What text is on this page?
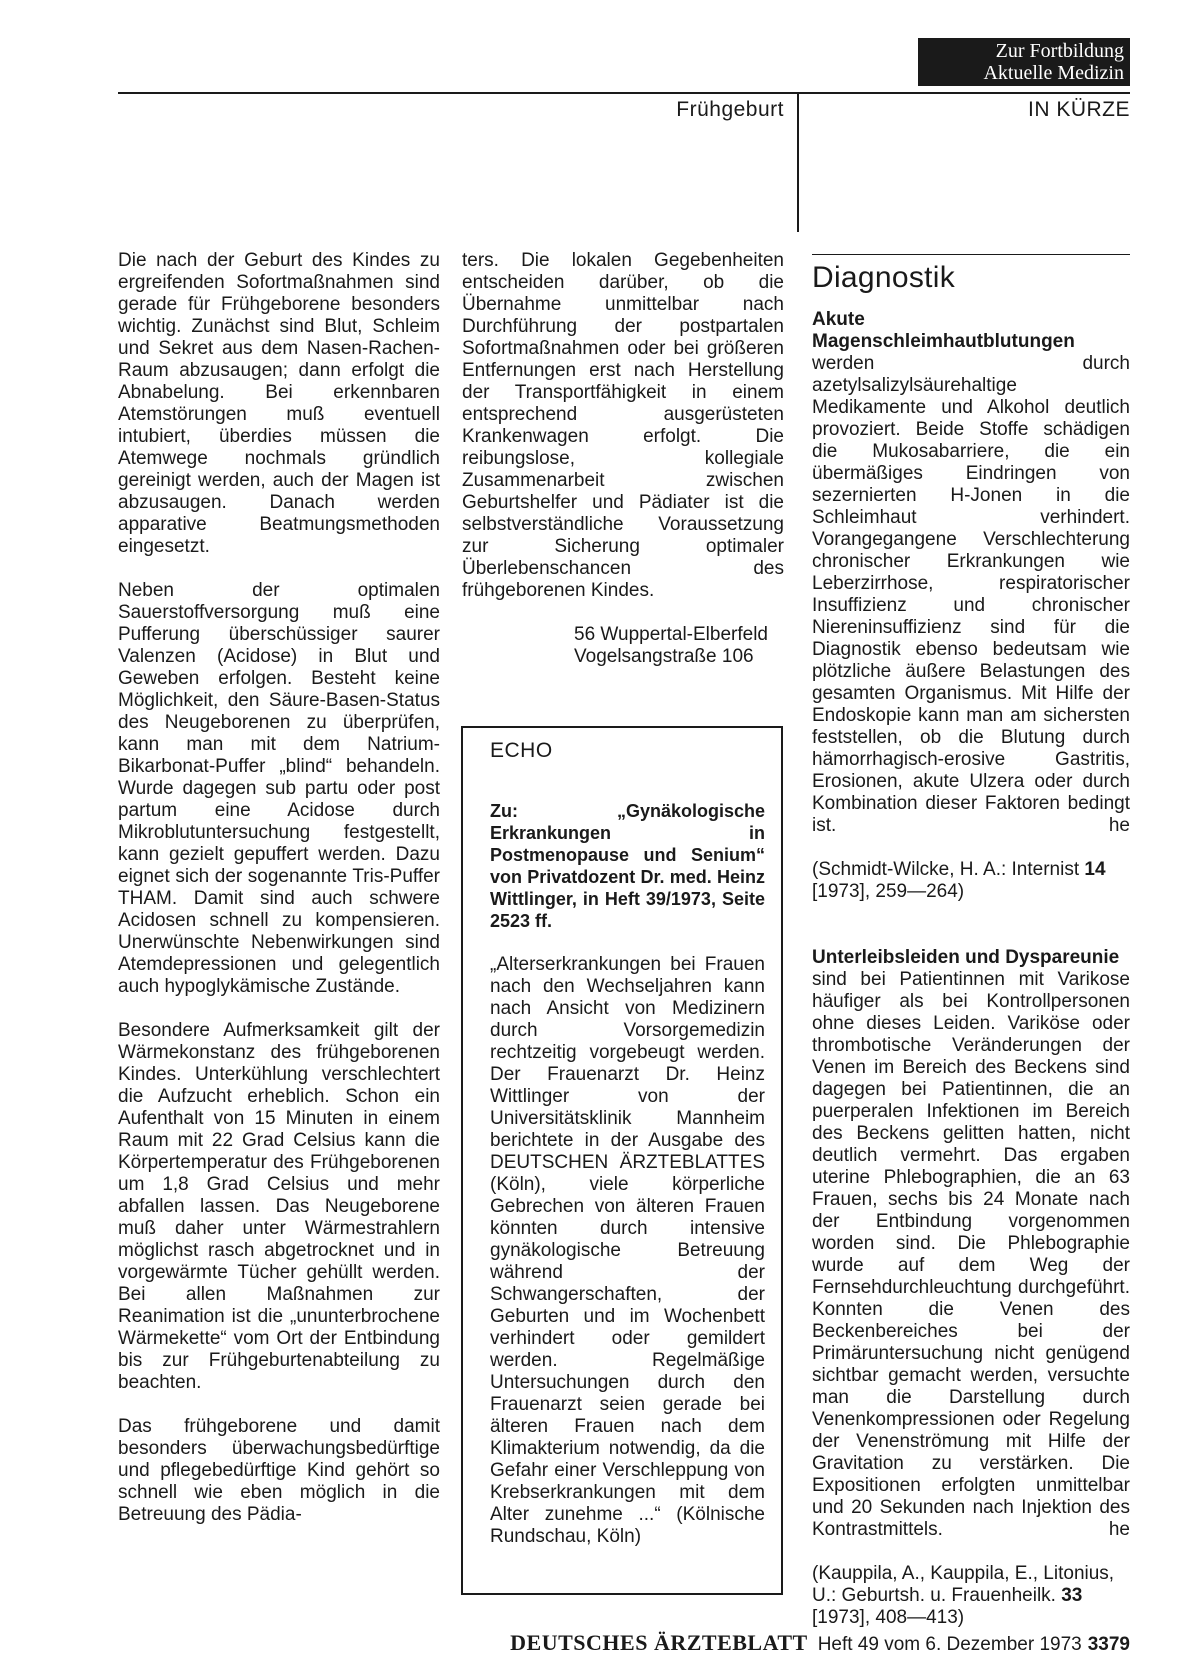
Zur Fortbildung
Aktuelle Medizin
Frühgeburt	IN KÜRZE

Die nach der Geburt des Kindes zu ergreifenden Sofortmaßnahmen sind gerade für Frühgeborene besonders wichtig. Zunächst sind Blut, Schleim und Sekret aus dem Nasen-Rachen-Raum abzusaugen; dann erfolgt die Abnabelung. Bei erkennbaren Atemstörungen muß eventuell intubiert, überdies müssen die Atemwege nochmals gründlich gereinigt werden, auch der Magen ist abzusaugen. Danach werden apparative Beatmungsmethoden eingesetzt.

Neben der optimalen Sauerstoffversorgung muß eine Pufferung überschüssiger saurer Valenzen (Acidose) in Blut und Geweben erfolgen. Besteht keine Möglichkeit, den Säure-Basen-Status des Neugeborenen zu überprüfen, kann man mit dem Natrium-Bikarbonat-Puffer „blind“ behandeln. Wurde dagegen sub partu oder post partum eine Acidose durch Mikroblutuntersuchung festgestellt, kann gezielt gepuffert werden. Dazu eignet sich der sogenannte Tris-Puffer THAM. Damit sind auch schwere Acidosen schnell zu kompensieren. Unerwünschte Nebenwirkungen sind Atemdepressionen und gelegentlich auch hypoglykämische Zustände.

Besondere Aufmerksamkeit gilt der Wärmekonstanz des frühgeborenen Kindes. Unterkühlung verschlechtert die Aufzucht erheblich. Schon ein Aufenthalt von 15 Minuten in einem Raum mit 22 Grad Celsius kann die Körpertemperatur des Frühgeborenen um 1,8 Grad Celsius und mehr abfallen lassen. Das Neugeborene muß daher unter Wärmestrahlern möglichst rasch abgetrocknet und in vorgewärmte Tücher gehüllt werden. Bei allen Maßnahmen zur Reanimation ist die „ununterbrochene Wärmekette“ vom Ort der Entbindung bis zur Frühgeburtenabteilung zu beachten.

Das frühgeborene und damit besonders überwachungsbedürftige und pflegebedürftige Kind gehört so schnell wie eben möglich in die Betreuung des Pädia-

ters. Die lokalen Gegebenheiten entscheiden darüber, ob die Übernahme unmittelbar nach Durchführung der postpartalen Sofortmaßnahmen oder bei größeren Entfernungen erst nach Herstellung der Transportfähigkeit in einem entsprechend ausgerüsteten Krankenwagen erfolgt. Die reibungslose, kollegiale Zusammenarbeit zwischen Geburtshelfer und Pädiater ist die selbstverständliche Voraussetzung zur Sicherung optimaler Überlebenschancen des frühgeborenen Kindes.

56 Wuppertal-Elberfeld
Vogelsangstraße 106
ECHO
Zu: „Gynäkologische Erkrankungen in Postmenopause und Senium“ von Privatdozent Dr. med. Heinz Wittlinger, in Heft 39/1973, Seite 2523 ff.
„Alterserkrankungen bei Frauen nach den Wechseljahren kann nach Ansicht von Medizinern durch Vorsorgemedizin rechtzeitig vorgebeugt werden. Der Frauenarzt Dr. Heinz Wittlinger von der Universitätsklinik Mannheim berichtete in der Ausgabe des DEUTSCHEN ÄRZTEBLATTES (Köln), viele körperliche Gebrechen von älteren Frauen könnten durch intensive gynäkologische Betreuung während der Schwangerschaften, der Geburten und im Wochenbett verhindert oder gemildert werden. Regelmäßige Untersuchungen durch den Frauenarzt seien gerade bei älteren Frauen nach dem Klimakterium notwendig, da die Gefahr einer Verschleppung von Krebserkrankungen mit dem Alter zunehme ...“ (Kölnische Rundschau, Köln)
Diagnostik

Akute Magenschleimhautblutungen
werden durch azetylsalizylsäurehaltige Medikamente und Alkohol deutlich provoziert. Beide Stoffe schädigen die Mukosabarriere, die ein übermäßiges Eindringen von sezernierten H-Jonen in die Schleimhaut verhindert. Vorangegangene Verschlechterung chronischer Erkrankungen wie Leberzirrhose, respiratorischer Insuffizienz und chronischer Niereninsuffizienz sind für die Diagnostik ebenso bedeutsam wie plötzliche äußere Belastungen des gesamten Organismus. Mit Hilfe der Endoskopie kann man am sichersten feststellen, ob die Blutung durch hämorrhagisch-erosive Gastritis, Erosionen, akute Ulzera oder durch Kombination dieser Faktoren bedingt ist.	he

(Schmidt-Wilcke, H. A.: Internist 14 [1973], 259—264)

Unterleibsleiden und Dyspareunie
sind bei Patientinnen mit Varikose häufiger als bei Kontrollpersonen ohne dieses Leiden. Variköse oder thrombotische Veränderungen der Venen im Bereich des Beckens sind dagegen bei Patientinnen, die an puerperalen Infektionen im Bereich des Beckens gelitten hatten, nicht deutlich vermehrt. Das ergaben uterine Phlebographien, die an 63 Frauen, sechs bis 24 Monate nach der Entbindung vorgenommen worden sind. Die Phlebographie wurde auf dem Weg der Fernsehdurchleuchtung durchgeführt. Konnten die Venen des Beckenbereiches bei der Primäruntersuchung nicht genügend sichtbar gemacht werden, versuchte man die Darstellung durch Venenkompressionen oder Regelung der Venenströmung mit Hilfe der Gravitation zu verstärken. Die Expositionen erfolgten unmittelbar und 20 Sekunden nach Injektion des Kontrastmittels.	he

(Kauppila, A., Kauppila, E., Litonius, U.: Geburtsh. u. Frauenheilk. 33 [1973], 408—413)

DEUTSCHES ÄRZTEBLATT Heft 49 vom 6. Dezember 1973 3379
